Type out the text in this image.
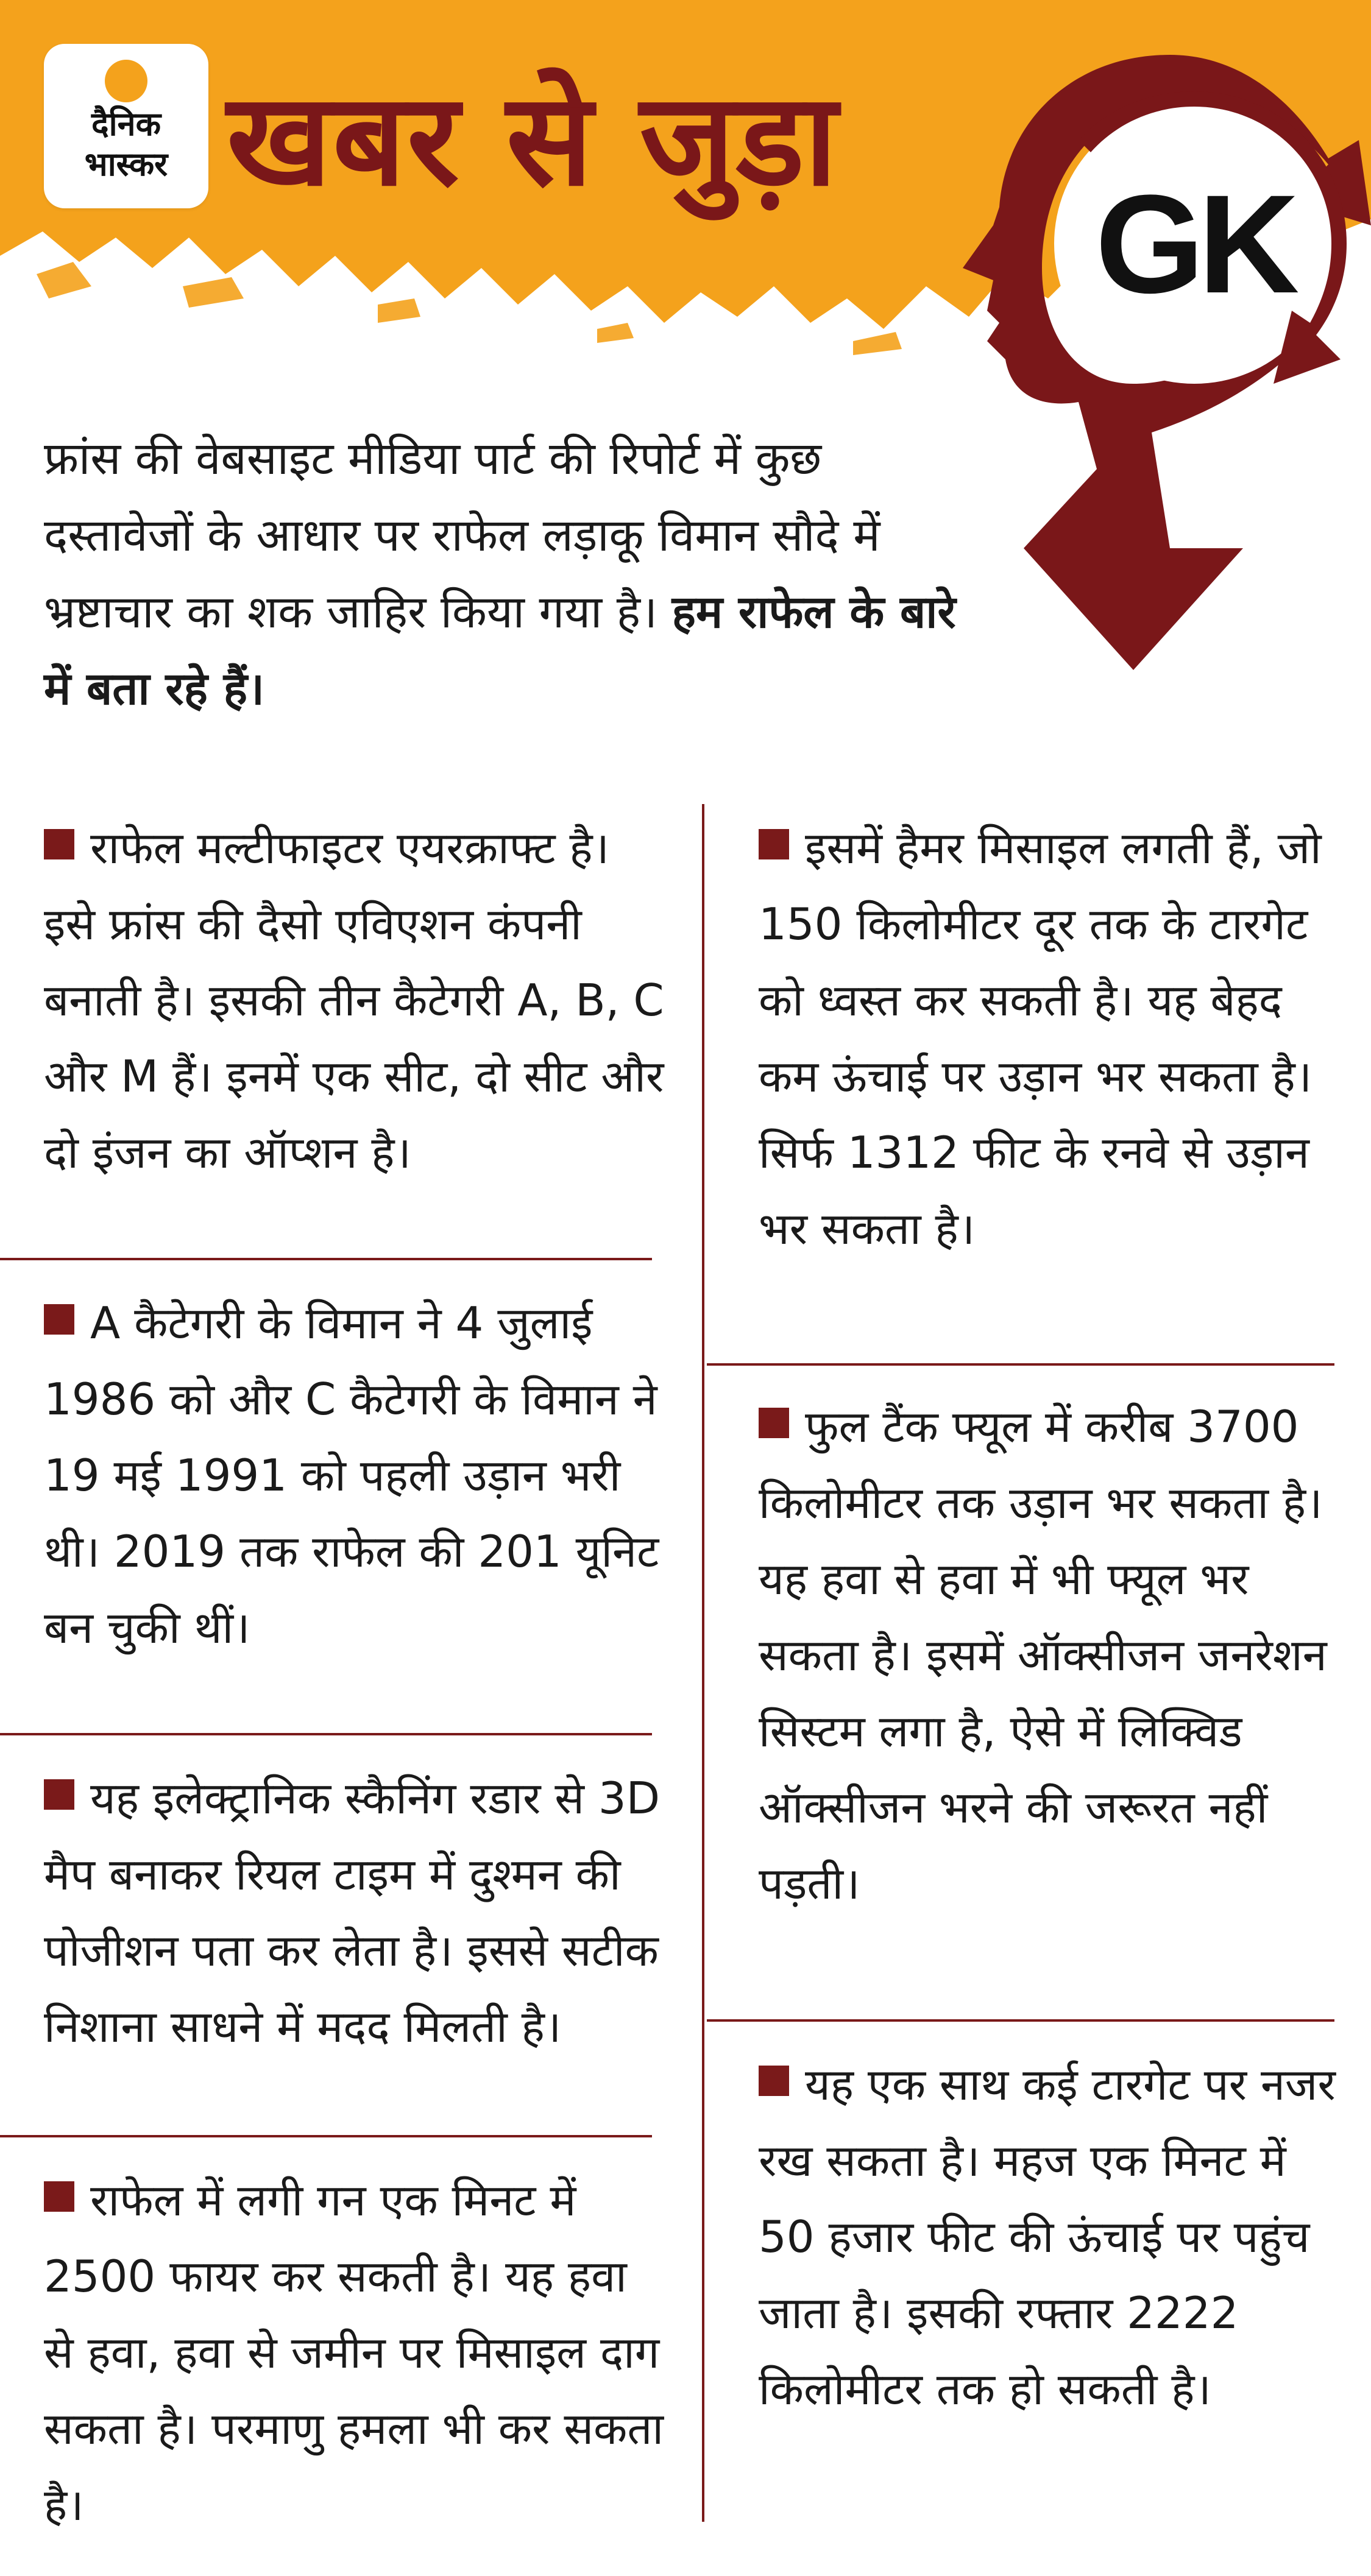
दैनिक
भास्कर खबर से जुड़ा
GK
फ्रांस की वेबसाइट मीडिया पार्ट की रिपोर्ट में कुछ दस्तावेजों के आधार पर राफेल लड़ाकू विमान सौदे में भ्रष्टाचार का शक जाहिर किया गया है। हम राफेल के बारे में बता रहे हैं।
राफेल मल्टीफाइटर एयरक्राफ्ट है। इसे फ्रांस की दैसो एविएशन कंपनी बनाती है। इसकी तीन कैटेगरी A, B, C और M हैं। इनमें एक सीट, दो सीट और दो इंजन का ऑप्शन है।
A कैटेगरी के विमान ने 4 जुलाई 1986 को और C कैटेगरी के विमान ने 19 मई 1991 को पहली उड़ान भरी थी। 2019 तक राफेल की 201 यूनिट बन चुकी थीं।
यह इलेक्ट्रानिक स्कैनिंग रडार से 3D मैप बनाकर रियल टाइम में दुश्मन की पोजीशन पता कर लेता है। इससे सटीक निशाना साधने में मदद मिलती है।
राफेल में लगी गन एक मिनट में 2500 फायर कर सकती है। यह हवा से हवा, हवा से जमीन पर मिसाइल दाग सकता है। परमाणु हमला भी कर सकता है।
इसमें हैमर मिसाइल लगती हैं, जो 150 किलोमीटर दूर तक के टारगेट को ध्वस्त कर सकती है। यह बेहद कम ऊंचाई पर उड़ान भर सकता है। सिर्फ 1312 फीट के रनवे से उड़ान भर सकता है।
फुल टैंक फ्यूल में करीब 3700 किलोमीटर तक उड़ान भर सकता है। यह हवा से हवा में भी फ्यूल भर सकता है। इसमें ऑक्सीजन जनरेशन सिस्टम लगा है, ऐसे में लिक्विड ऑक्सीजन भरने की जरूरत नहीं पड़ती।
यह एक साथ कई टारगेट पर नजर रख सकता है। महज एक मिनट में 50 हजार फीट की ऊंचाई पर पहुंच जाता है। इसकी रफ्तार 2222 किलोमीटर तक हो सकती है।
